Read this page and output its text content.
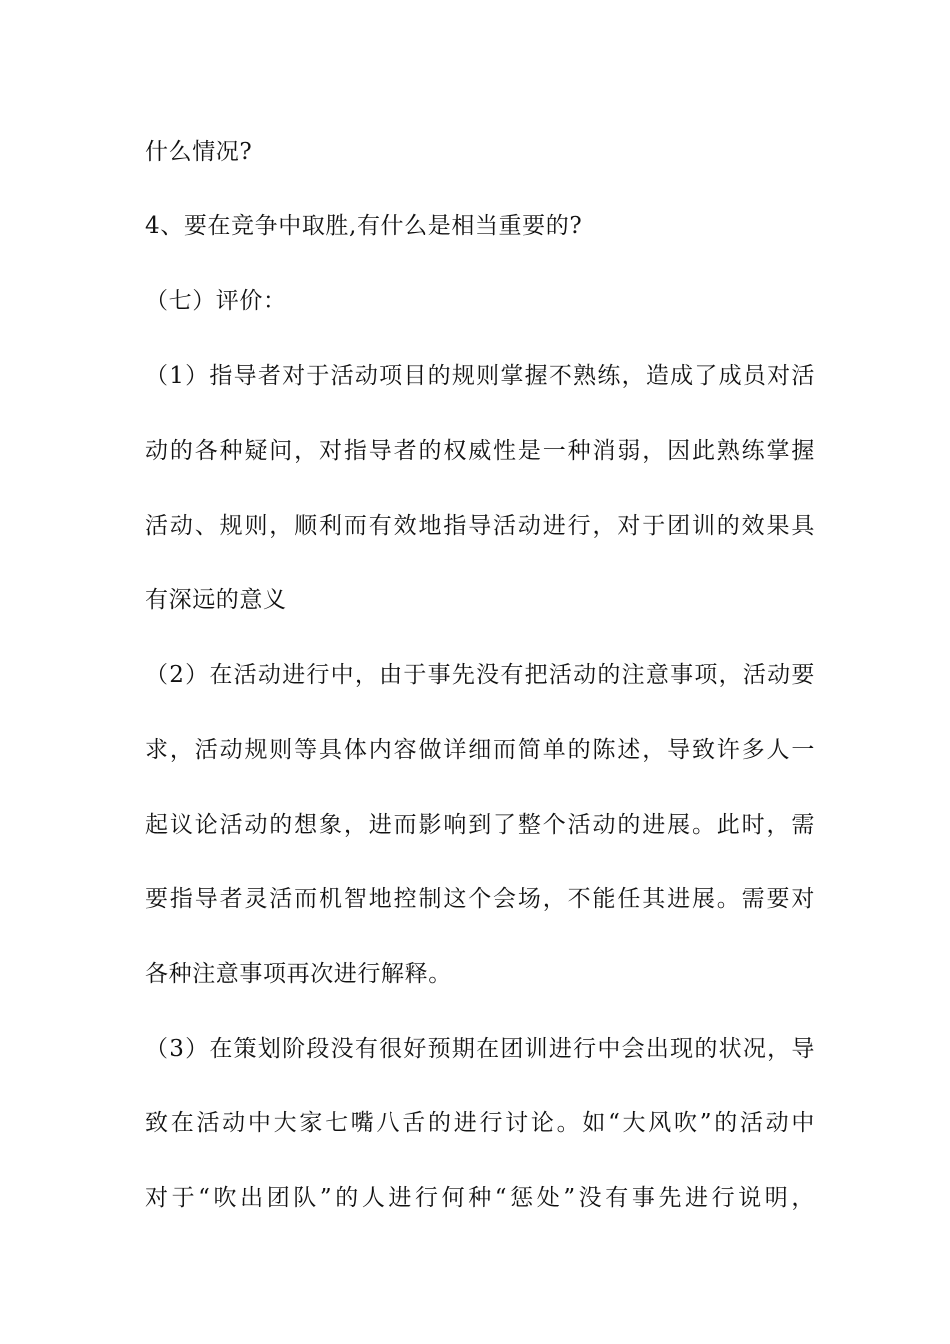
什么情况?
4、要在竞争中取胜,有什么是相当重要的?
（七）评价：
（1）指导者对于活动项目的规则掌握不熟练，造成了成员对活
动的各种疑问，对指导者的权威性是一种消弱，因此熟练掌握
活动、规则，顺利而有效地指导活动进行，对于团训的效果具
有深远的意义
（2）在活动进行中，由于事先没有把活动的注意事项，活动要
求，活动规则等具体内容做详细而简单的陈述，导致许多人一
起议论活动的想象，进而影响到了整个活动的进展。此时，需
要指导者灵活而机智地控制这个会场，不能任其进展。需要对
各种注意事项再次进行解释。
（3）在策划阶段没有很好预期在团训进行中会出现的状况，导
致在活动中大家七嘴八舌的进行讨论。如“大风吹”的活动中
对于“吹出团队”的人进行何种“惩处”没有事先进行说明，
